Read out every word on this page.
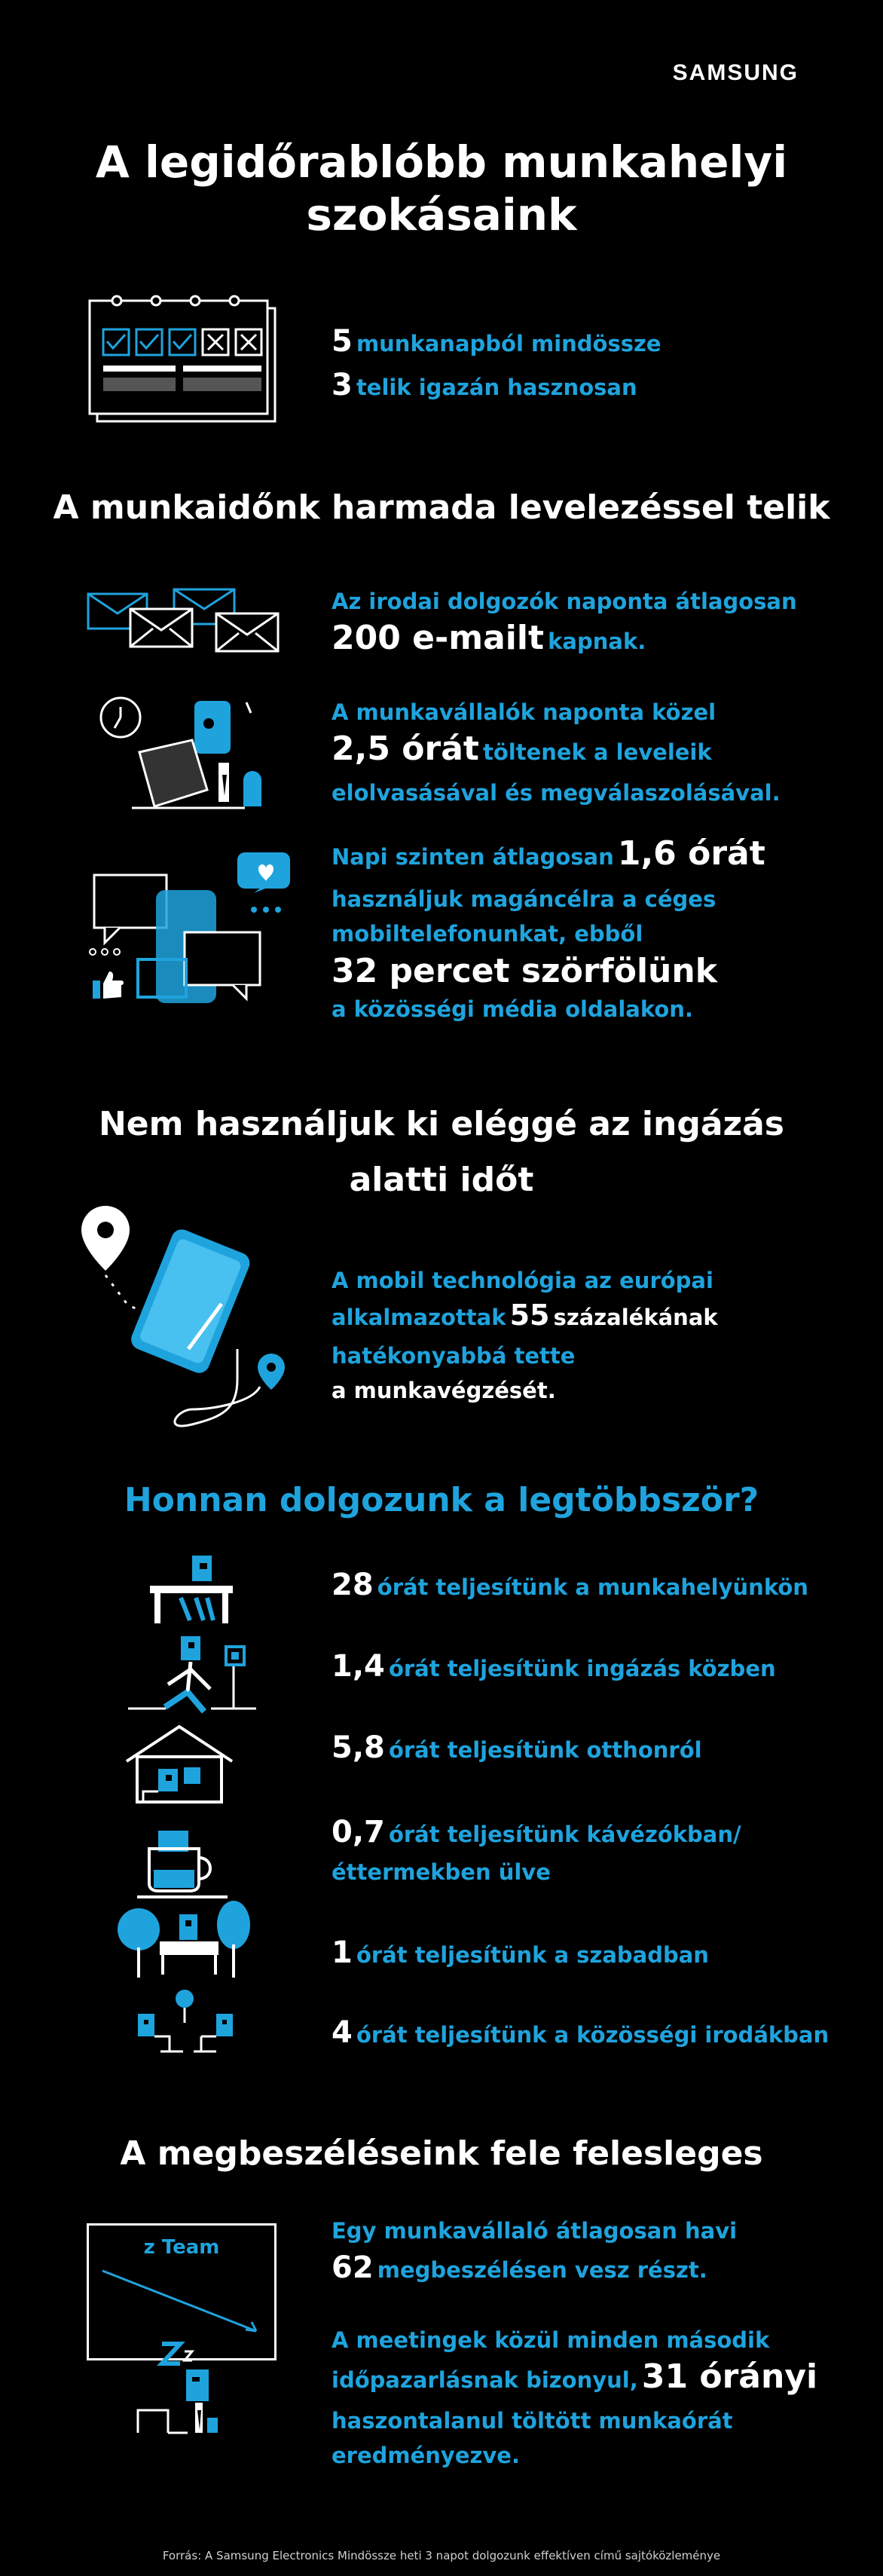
SAMSUNG
A legidőrablóbb munkahelyi szokásaink
5 munkanapból mindössze
3 telik igazán hasznosan
A munkaidőnk harmada levelezéssel telik
Az irodai dolgozók naponta átlagosan
200 e-mailt kapnak.
A munkavállalók naponta közel
2,5 órát töltenek a leveleik
elolvasásával és megválaszolásával.
Napi szinten átlagosan 1,6 órát
használjuk magáncélra a céges
mobiltelefonunkat, ebből
32 percet szörfölünk
a közösségi média oldalakon.
Nem használjuk ki eléggé az ingázás
alatti időt
A mobil technológia az európai
alkalmazottak 55 százalékának
hatékonyabbá tette
a munkavégzését.
Honnan dolgozunk a legtöbbször?
28 órát teljesítünk a munkahelyünkön
1,4 órát teljesítünk ingázás közben
5,8 órát teljesítünk otthonról
0,7 órát teljesítünk kávézókban/
éttermekben ülve
1 órát teljesítünk a szabadban
4 órát teljesítünk a közösségi irodákban
A megbeszéléseink fele felesleges
z Team
Egy munkavállaló átlagosan havi
62 megbeszélésen vesz részt.
A meetingek közül minden második
időpazarlásnak bizonyul, 31 órányi
haszontalanul töltött munkaórát
eredményezve.
Forrás: A Samsung Electronics Mindössze heti 3 napot dolgozunk effektíven című sajtóközleménye
